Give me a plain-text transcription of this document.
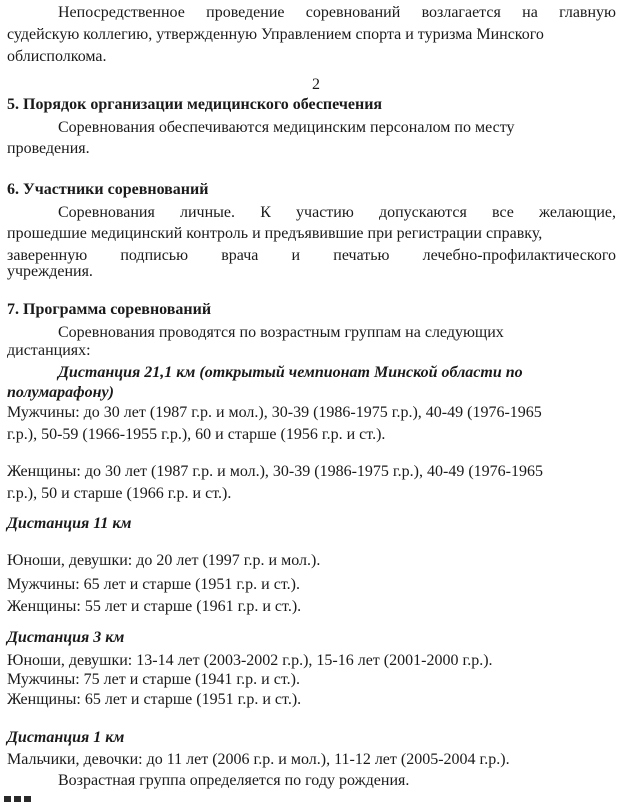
Непосредственное проведение соревнований возлагается на главную
судейскую коллегию, утвержденную Управлением спорта и туризма Минского
облисполкома.
2
5. Порядок организации медицинского обеспечения
Соревнования обеспечиваются медицинским персоналом по месту
проведения.
6. Участники соревнований
Соревнования личные. К участию допускаются все желающие,
прошедшие медицинский контроль и предъявившие при регистрации справку,
заверенную подписью врача и печатью лечебно-профилактического
учреждения.
7. Программа соревнований
Соревнования проводятся по возрастным группам на следующих
дистанциях:
Дистанция 21,1 км (открытый чемпионат Минской области по
полумарафону)
Мужчины: до 30 лет (1987 г.р. и мол.), 30-39 (1986-1975 г.р.), 40-49 (1976-1965
г.р.), 50-59 (1966-1955 г.р.), 60 и старше (1956 г.р. и ст.).
Женщины: до 30 лет (1987 г.р. и мол.), 30-39 (1986-1975 г.р.), 40-49 (1976-1965
г.р.), 50 и старше (1966 г.р. и ст.).
Дистанция 11 км
Юноши, девушки: до 20 лет (1997 г.р. и мол.).
Мужчины: 65 лет и старше (1951 г.р. и ст.).
Женщины: 55 лет и старше (1961 г.р. и ст.).
Дистанция 3 км
Юноши, девушки: 13-14 лет (2003-2002 г.р.), 15-16 лет (2001-2000 г.р.).
Мужчины: 75 лет и старше (1941 г.р. и ст.).
Женщины: 65 лет и старше (1951 г.р. и ст.).
Дистанция 1 км
Мальчики, девочки: до 11 лет (2006 г.р. и мол.), 11-12 лет (2005-2004 г.р.).
Возрастная группа определяется по году рождения.
